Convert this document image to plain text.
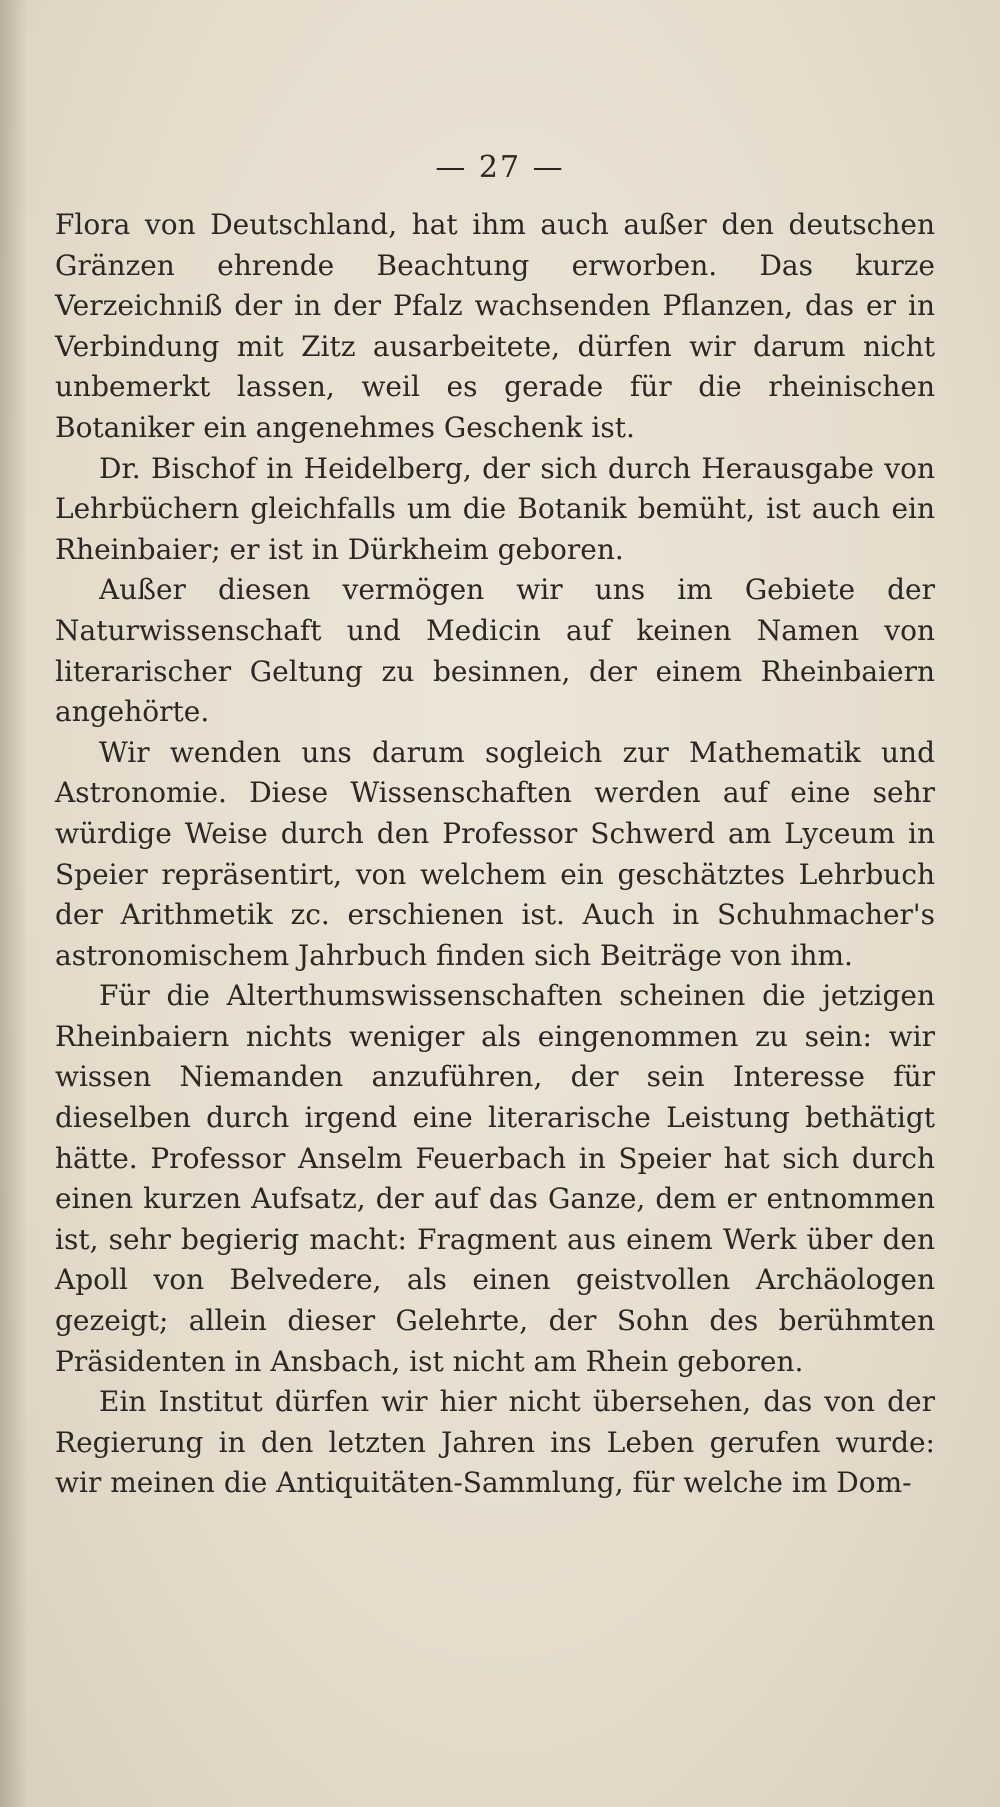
— 27 —

Flora von Deutschland, hat ihm auch außer den deutschen Gränzen ehrende Beachtung erworben. Das kurze Verzeichniß der in der Pfalz wachsenden Pflanzen, das er in Verbindung mit Zitz ausarbeitete, dürfen wir darum nicht unbemerkt lassen, weil es gerade für die rheinischen Botaniker ein angenehmes Geschenk ist.

Dr. Bischof in Heidelberg, der sich durch Herausgabe von Lehrbüchern gleichfalls um die Botanik bemüht, ist auch ein Rheinbaier; er ist in Dürkheim geboren.

Außer diesen vermögen wir uns im Gebiete der Naturwissenschaft und Medicin auf keinen Namen von literarischer Geltung zu besinnen, der einem Rheinbaiern angehörte.

Wir wenden uns darum sogleich zur Mathematik und Astronomie. Diese Wissenschaften werden auf eine sehr würdige Weise durch den Professor Schwerd am Lyceum in Speier repräsentirt, von welchem ein geschätztes Lehrbuch der Arithmetik zc. erschienen ist. Auch in Schuhmacher's astronomischem Jahrbuch finden sich Beiträge von ihm.

Für die Alterthumswissenschaften scheinen die jetzigen Rheinbaiern nichts weniger als eingenommen zu sein: wir wissen Niemanden anzuführen, der sein Interesse für dieselben durch irgend eine literarische Leistung bethätigt hätte. Professor Anselm Feuerbach in Speier hat sich durch einen kurzen Aufsatz, der auf das Ganze, dem er entnommen ist, sehr begierig macht: Fragment aus einem Werk über den Apoll von Belvedere, als einen geistvollen Archäologen gezeigt; allein dieser Gelehrte, der Sohn des berühmten Präsidenten in Ansbach, ist nicht am Rhein geboren.

Ein Institut dürfen wir hier nicht übersehen, das von der Regierung in den letzten Jahren ins Leben gerufen wurde: wir meinen die Antiquitäten-Sammlung, für welche im Dom-
